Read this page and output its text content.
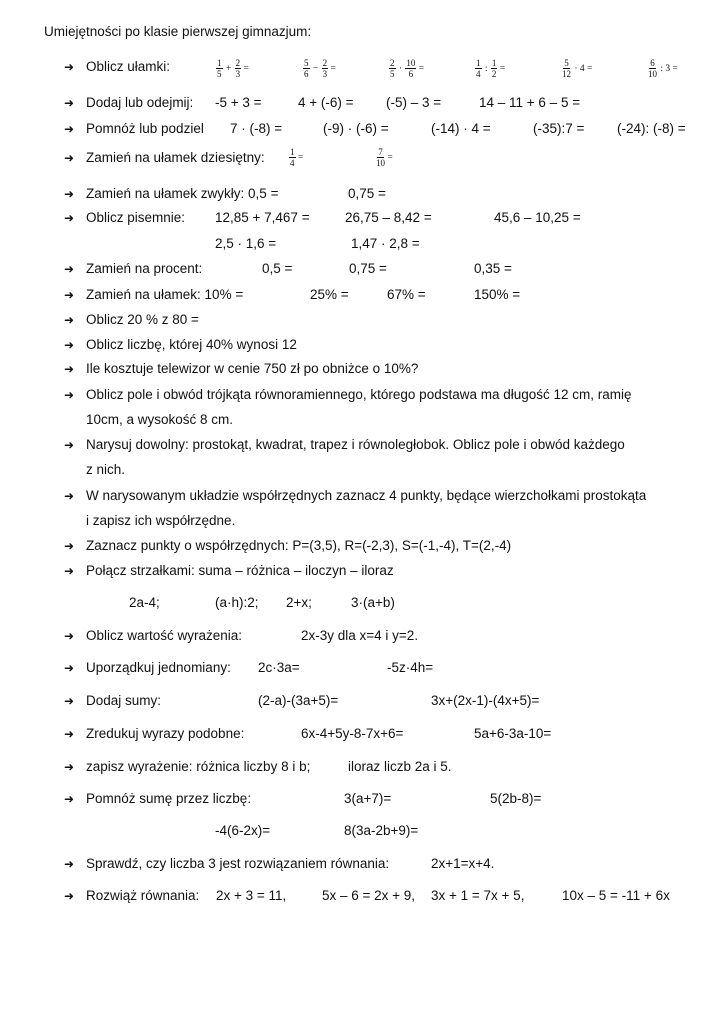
Umiejętności po klasie pierwszej gimnazjum:
➜ Oblicz ułamki:	$\frac{1}{5} + \frac{2}{3}$ =	$\frac{5}{6} - \frac{2}{3}$ =	$\frac{2}{5} \cdot \frac{10}{6}$ =	$\frac{1}{4}$ : $\frac{1}{2}$ =	$\frac{5}{12} \cdot 4$ =	$\frac{6}{10}$ : 3 =
➜ Dodaj lub odejmij: -5 + 3 =	4 + (-6) = (-5) – 3 =	14 – 11 + 6 – 5 =
➜ Pomnóż lub podziel 7 · (-8) =	(-9) · (-6) =	(-14) · 4 =	(-35):7 = (-24): (-8) =
➜ Zamień na ułamek dziesiętny:	$\frac{1}{4}$ =	$\frac{7}{10}$ =
➜ Zamień na ułamek zwykły: 0,5 =	0,75 =
➜ Oblicz pisemnie: 12,85 + 7,467 =	26,75 – 8,42 =	45,6 – 10,25 =
2,5 · 1,6 =	1,47 · 2,8 =
➜ Zamień na procent:	0,5 =	0,75 =	0,35 =
➜ Zamień na ułamek: 10% =	25% =	67% =	150% =
➜ Oblicz 20 % z 80 =
➜ Oblicz liczbę, której 40% wynosi 12
➜ Ile kosztuje telewizor w cenie 750 zł po obniżce o 10%?
➜ Oblicz pole i obwód trójkąta równoramiennego, którego podstawa ma długość 12 cm, ramię
10cm, a wysokość 8 cm.
➜ Narysuj dowolny: prostokąt, kwadrat, trapez i równoległobok. Oblicz pole i obwód każdego
z nich.
➜ W narysowanym układzie współrzędnych zaznacz 4 punkty, będące wierzchołkami prostokąta
i zapisz ich współrzędne.
➜ Zaznacz punkty o współrzędnych: P=(3,5), R=(-2,3), S=(-1,-4), T=(2,-4)
➜ Połącz strzałkami: suma – różnica – iloczyn – iloraz
2a-4;	(a·h):2; 2+x;	3·(a+b)
➜ Oblicz wartość wyrażenia:	2x-3y dla x=4 i y=2.
➜ Uporządkuj jednomiany: 2c·3a=	-5z·4h=
➜ Dodaj sumy:	(2-a)-(3a+5)=	3x+(2x-1)-(4x+5)=
➜ Zredukuj wyrazy podobne:	6x-4+5y-8-7x+6=	5a+6-3a-10=
➜ zapisz wyrażenie: różnica liczby 8 i b;	iloraz liczb 2a i 5.
➜ Pomnóż sumę przez liczbę:	3(a+7)=	5(2b-8)=
-4(6-2x)=	8(3a-2b+9)=
➜ Sprawdź, czy liczba 3 jest rozwiązaniem równania:	2x+1=x+4.
➜ Rozwiąż równania: 2x + 3 = 11,	5x – 6 = 2x + 9, 3x + 1 = 7x + 5,	10x – 5 = -11 + 6x
